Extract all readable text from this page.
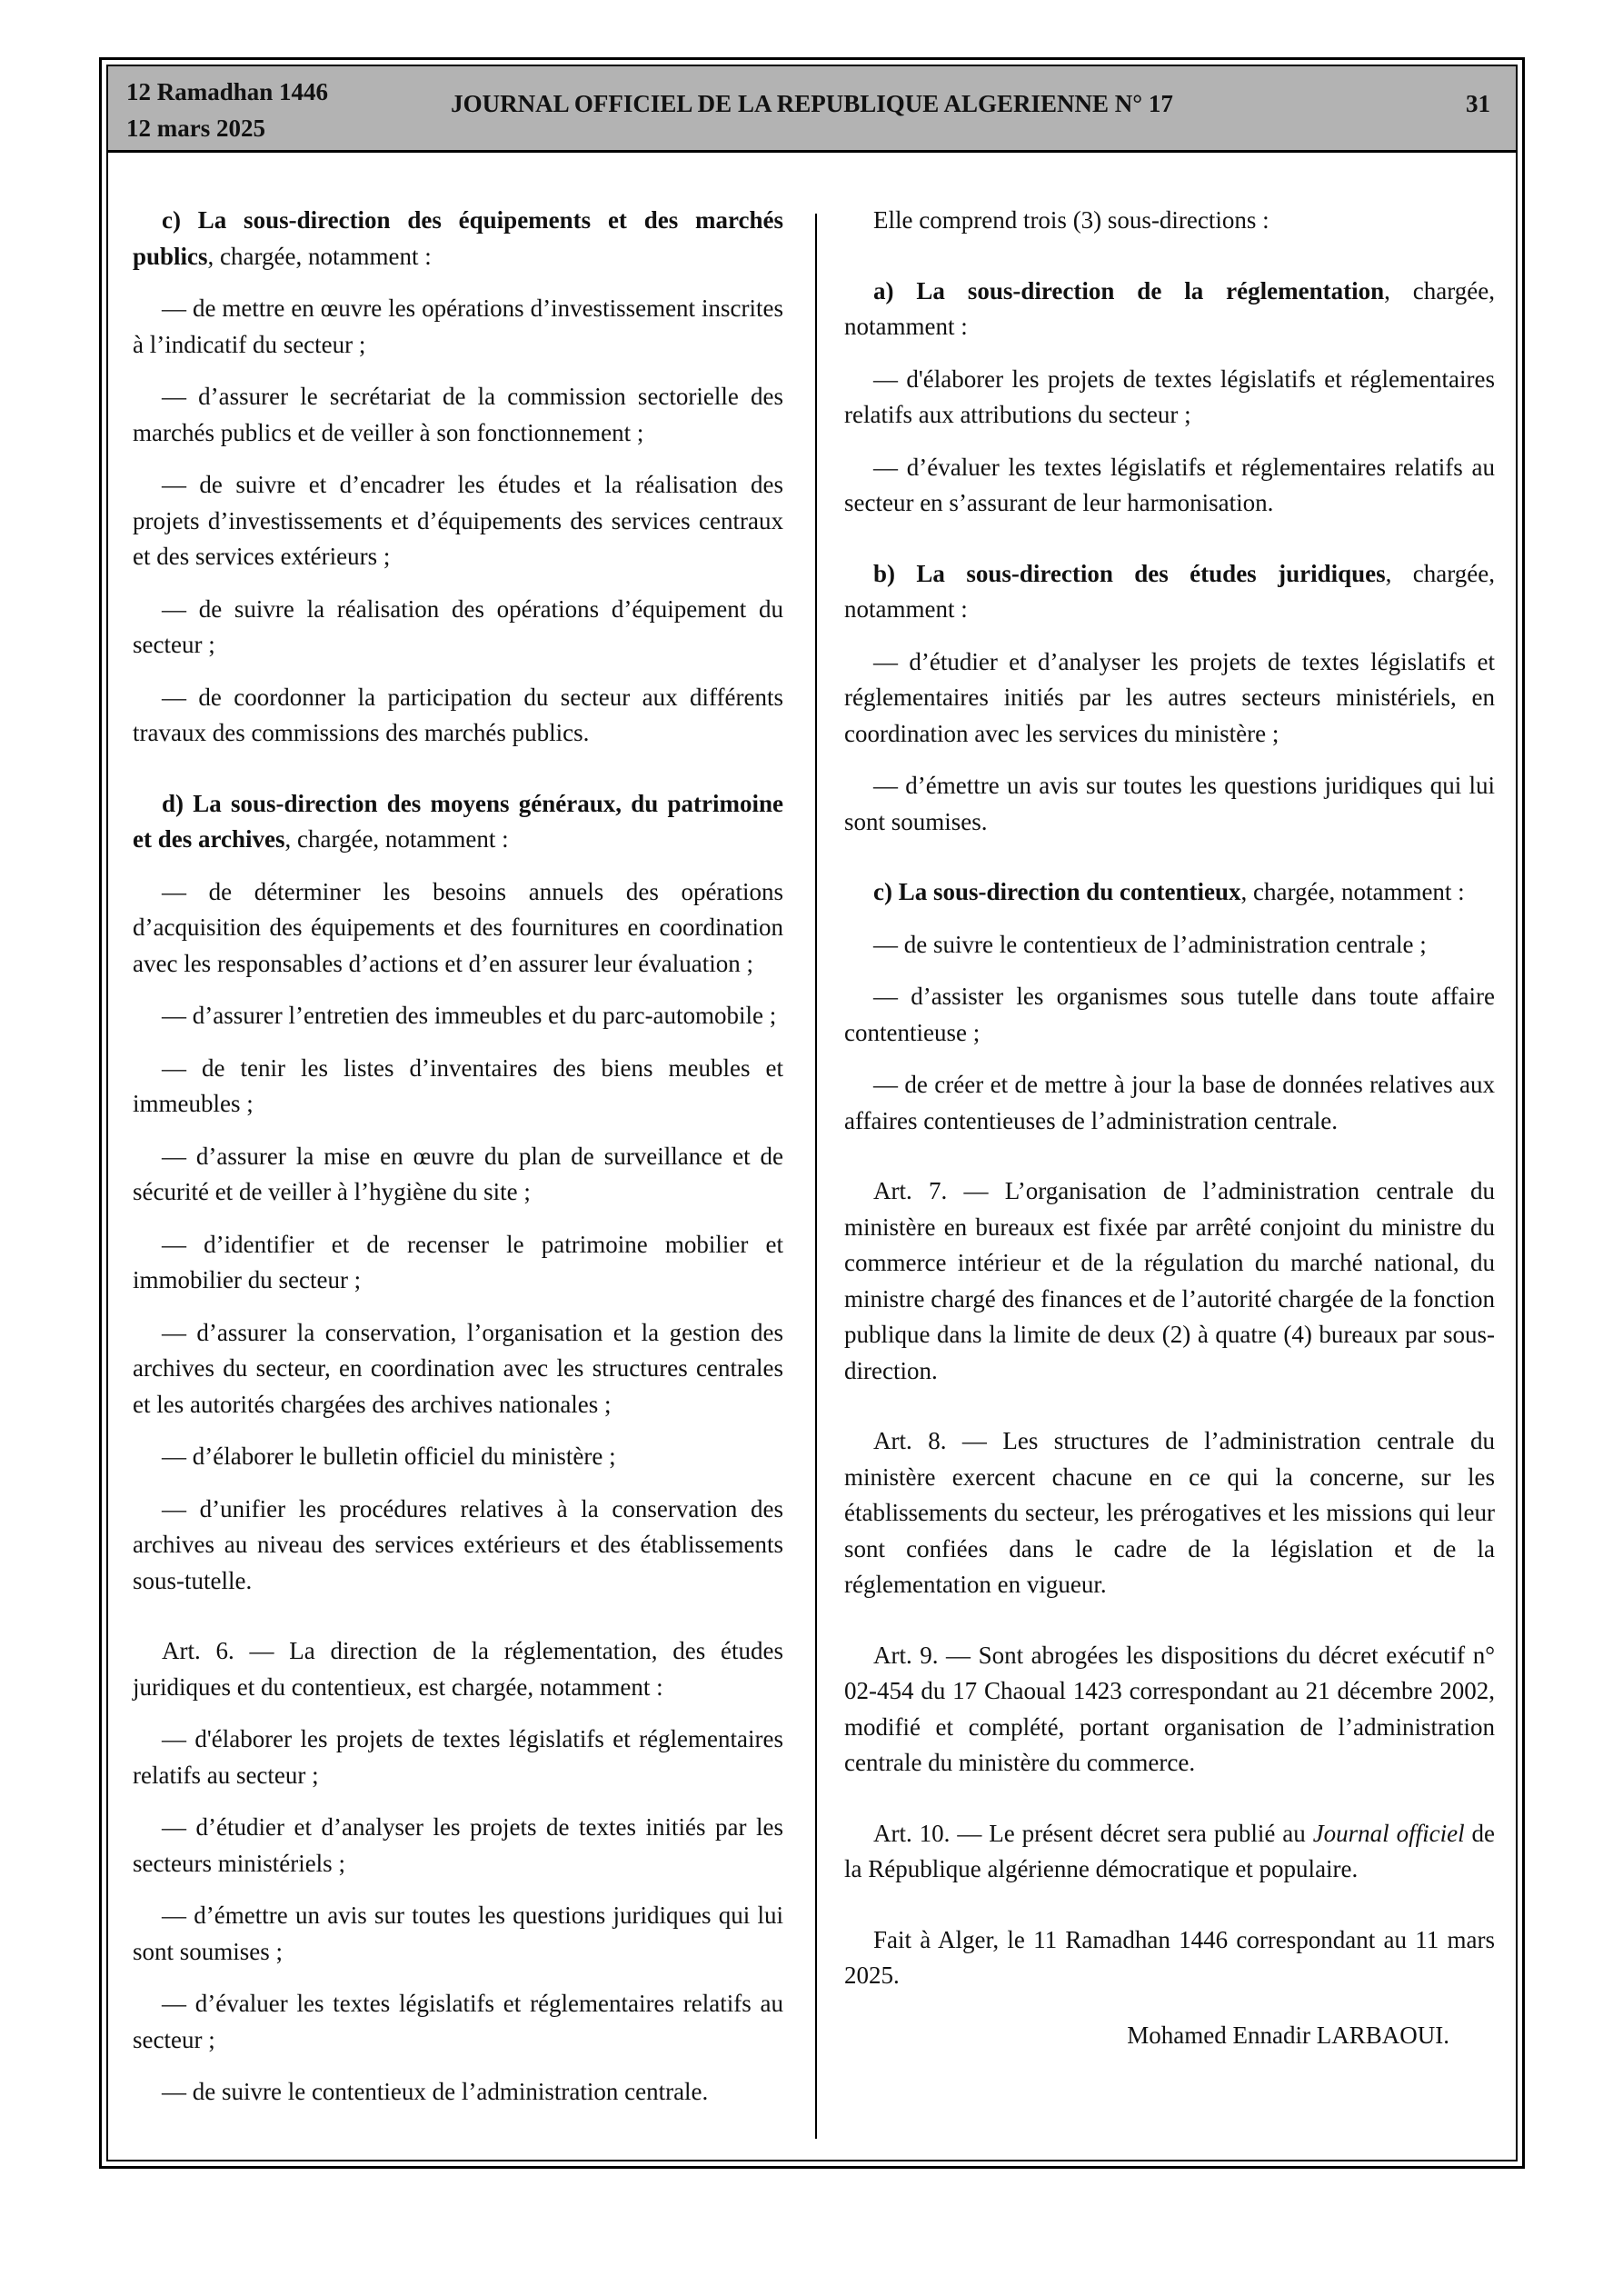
12 Ramadhan 1446
12 mars 2025
JOURNAL OFFICIEL DE LA REPUBLIQUE ALGERIENNE N° 17	31

c) La sous-direction des équipements et des marchés publics, chargée, notamment :

— de mettre en œuvre les opérations d’investissement inscrites à l’indicatif du secteur ;

— d’assurer le secrétariat de la commission sectorielle des marchés publics et de veiller à son fonctionnement ;

— de suivre et d’encadrer les études et la réalisation des projets d’investissements et d’équipements des services centraux et des services extérieurs ;

— de suivre la réalisation des opérations d’équipement du secteur ;

— de coordonner la participation du secteur aux différents travaux des commissions des marchés publics.

d) La sous-direction des moyens généraux, du patrimoine et des archives, chargée, notamment :

— de déterminer les besoins annuels des opérations d’acquisition des équipements et des fournitures en coordination avec les responsables d’actions et d’en assurer leur évaluation ;

— d’assurer l’entretien des immeubles et du parc-automobile ;

— de tenir les listes d’inventaires des biens meubles et immeubles ;

— d’assurer la mise en œuvre du plan de surveillance et de sécurité et de veiller à l’hygiène du site ;

— d’identifier et de recenser le patrimoine mobilier et immobilier du secteur ;

— d’assurer la conservation, l’organisation et la gestion des archives du secteur, en coordination avec les structures centrales et les autorités chargées des archives nationales ;

— d’élaborer le bulletin officiel du ministère ;

— d’unifier les procédures relatives à la conservation des archives au niveau des services extérieurs et des établissements sous-tutelle.

Art. 6. — La direction de la réglementation, des études juridiques et du contentieux, est chargée, notamment :

— d'élaborer les projets de textes législatifs et réglementaires relatifs au secteur ;

— d’étudier et d’analyser les projets de textes initiés par les secteurs ministériels ;

— d’émettre un avis sur toutes les questions juridiques qui lui sont soumises ;

— d’évaluer les textes législatifs et réglementaires relatifs au secteur ;

— de suivre le contentieux de l’administration centrale.

Elle comprend trois (3) sous-directions :

a) La sous-direction de la réglementation, chargée, notamment :

— d'élaborer les projets de textes législatifs et réglementaires relatifs aux attributions du secteur ;

— d’évaluer les textes législatifs et réglementaires relatifs au secteur en s’assurant de leur harmonisation.

b) La sous-direction des études juridiques, chargée, notamment :

— d’étudier et d’analyser les projets de textes législatifs et réglementaires initiés par les autres secteurs ministériels, en coordination avec les services du ministère ;

— d’émettre un avis sur toutes les questions juridiques qui lui sont soumises.

c) La sous-direction du contentieux, chargée, notamment :

— de suivre le contentieux de l’administration centrale ;

— d’assister les organismes sous tutelle dans toute affaire contentieuse ;

— de créer et de mettre à jour la base de données relatives aux affaires contentieuses de l’administration centrale.

Art. 7. — L’organisation de l’administration centrale du ministère en bureaux est fixée par arrêté conjoint du ministre du commerce intérieur et de la régulation du marché national, du ministre chargé des finances et de l’autorité chargée de la fonction publique dans la limite de deux (2) à quatre (4) bureaux par sous-direction.

Art. 8. — Les structures de l’administration centrale du ministère exercent chacune en ce qui la concerne, sur les établissements du secteur, les prérogatives et les missions qui leur sont confiées dans le cadre de la législation et de la réglementation en vigueur.

Art. 9. — Sont abrogées les dispositions du décret exécutif n° 02-454 du 17 Chaoual 1423 correspondant au 21 décembre 2002, modifié et complété, portant organisation de l’administration centrale du ministère du commerce.

Art. 10. — Le présent décret sera publié au Journal officiel de la République algérienne démocratique et populaire.

Fait à Alger, le 11 Ramadhan 1446 correspondant au 11 mars 2025.

Mohamed Ennadir LARBAOUI.
